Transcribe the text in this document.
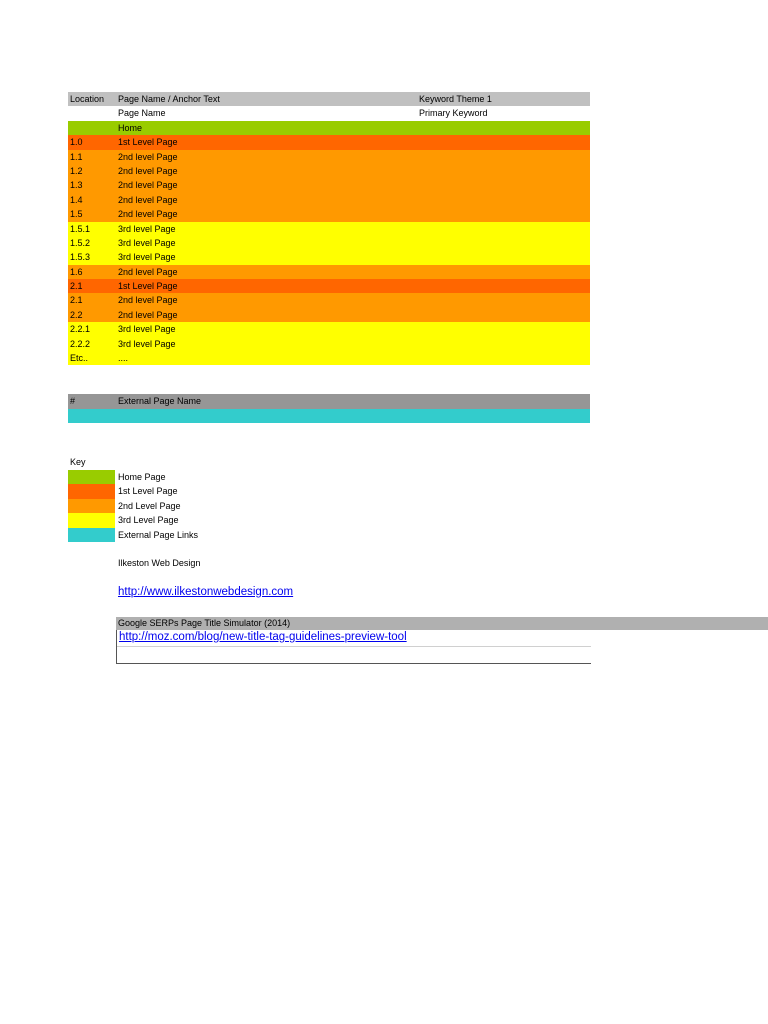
Location Page Name / Anchor Text	Keyword Theme 1
Page Name	Primary Keyword
Home
1.0	1st Level Page
1.1	2nd level Page
1.2	2nd level Page
1.3	2nd level Page
1.4	2nd level Page
1.5	2nd level Page
1.5.1	3rd level Page
1.5.2	3rd level Page
1.5.3	3rd level Page
1.6	2nd level Page
2.1	1st Level Page
2.1	2nd level Page
2.2	2nd level Page
2.2.1	3rd level Page
2.2.2	3rd level Page
Etc..	....
#	External Page Name
Key
Home Page
1st Level Page
2nd Level Page
3rd Level Page
External Page Links
Ilkeston Web Design
http://www.ilkestonwebdesign.com
Google SERPs Page Title Simulator (2014)
http://moz.com/blog/new-title-tag-guidelines-preview-tool
